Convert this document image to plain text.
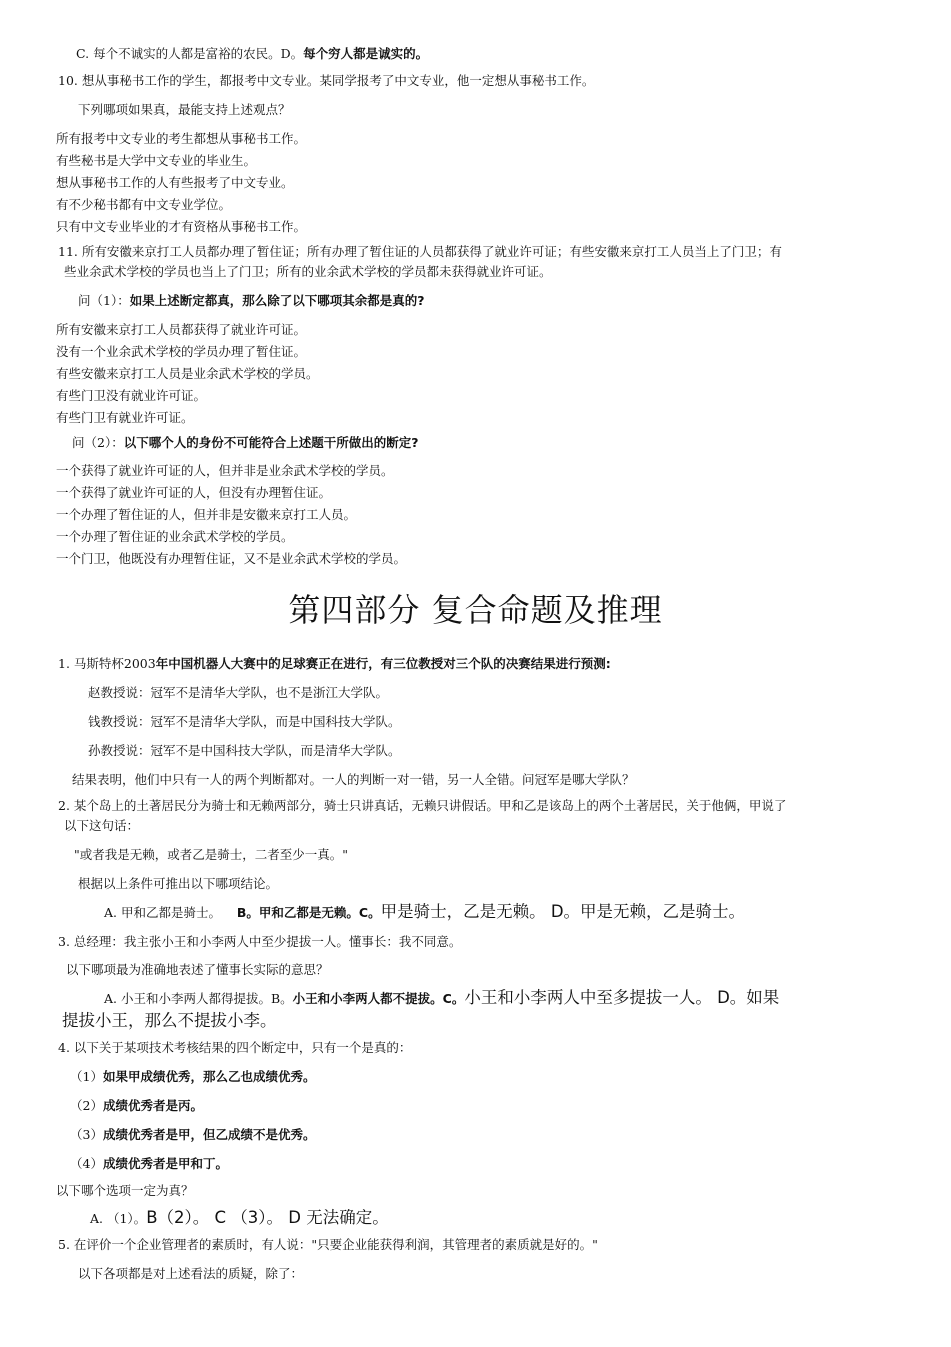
C. 每个不诚实的人都是富裕的农民。D。每个穷人都是诚实的。
10. 想从事秘书工作的学生，都报考中文专业。某同学报考了中文专业，他一定想从事秘书工作。
下列哪项如果真，最能支持上述观点？
所有报考中文专业的考生都想从事秘书工作。
有些秘书是大学中文专业的毕业生。
想从事秘书工作的人有些报考了中文专业。
有不少秘书都有中文专业学位。
只有中文专业毕业的才有资格从事秘书工作。
11. 所有安徽来京打工人员都办理了暂住证；所有办理了暂住证的人员都获得了就业许可证；有些安徽来京打工人员当上了门卫；有
些业余武术学校的学员也当上了门卫；所有的业余武术学校的学员都未获得就业许可证。
问（1）：如果上述断定都真，那么除了以下哪项其余都是真的?
所有安徽来京打工人员都获得了就业许可证。
没有一个业余武术学校的学员办理了暂住证。
有些安徽来京打工人员是业余武术学校的学员。
有些门卫没有就业许可证。
有些门卫有就业许可证。
问（2）：以下哪个人的身份不可能符合上述题干所做出的断定?
一个获得了就业许可证的人，但并非是业余武术学校的学员。
一个获得了就业许可证的人，但没有办理暂住证。
一个办理了暂住证的人，但并非是安徽来京打工人员。
一个办理了暂住证的业余武术学校的学员。
一个门卫，他既没有办理暂住证，又不是业余武术学校的学员。
第四部分 复合命题及推理
1. 马斯特杯2003年中国机器人大赛中的足球赛正在进行，有三位教授对三个队的决赛结果进行预测:
赵教授说：冠军不是清华大学队，也不是浙江大学队。
钱教授说：冠军不是清华大学队，而是中国科技大学队。
孙教授说：冠军不是中国科技大学队，而是清华大学队。
结果表明，他们中只有一人的两个判断都对。一人的判断一对一错，另一人全错。问冠军是哪大学队？
2. 某个岛上的土著居民分为骑士和无赖两部分，骑士只讲真话，无赖只讲假话。甲和乙是该岛上的两个土著居民，关于他俩，甲说了
以下这句话：
"或者我是无赖，或者乙是骑士，二者至少一真。"
根据以上条件可推出以下哪项结论。
A. 甲和乙都是骑士。 B。甲和乙都是无赖。C。甲是骑士，乙是无赖。 D。甲是无赖，乙是骑士。
3. 总经理：我主张小王和小李两人中至少提拔一人。懂事长：我不同意。
以下哪项最为准确地表述了懂事长实际的意思？
A. 小王和小李两人都得提拔。B。小王和小李两人都不提拔。C。小王和小李两人中至多提拔一人。 D。如果
提拔小王，那么不提拔小李。
4. 以下关于某项技术考核结果的四个断定中，只有一个是真的：
（1）如果甲成绩优秀，那么乙也成绩优秀。
（2）成绩优秀者是丙。
（3）成绩优秀者是甲，但乙成绩不是优秀。
（4）成绩优秀者是甲和丁。
以下哪个选项一定为真？
A. （1）。B（2）。 C （3）。 D 无法确定。
5. 在评价一个企业管理者的素质时，有人说："只要企业能获得利润，其管理者的素质就是好的。"
以下各项都是对上述看法的质疑，除了：
